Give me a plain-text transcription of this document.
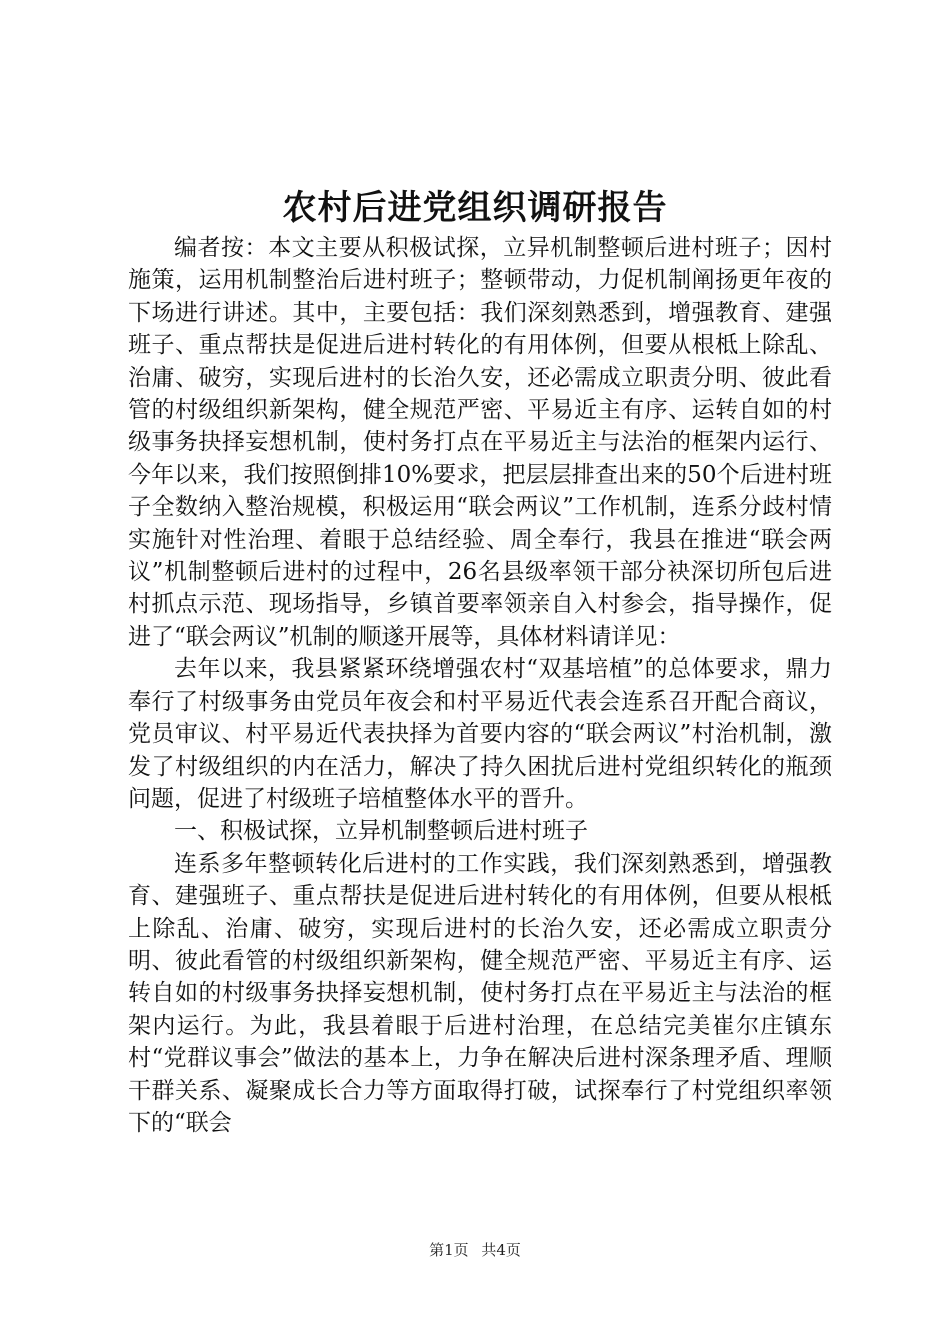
农村后进党组织调研报告

编者按：本文主要从积极试探，立异机制整顿后进村班子；因村施策，运用机制整治后进村班子；整顿带动，力促机制阐扬更年夜的下场进行讲述。其中，主要包括：我们深刻熟悉到，增强教育、建强班子、重点帮扶是促进后进村转化的有用体例，但要从根柢上除乱、治庸、破穷，实现后进村的长治久安，还必需成立职责分明、彼此看管的村级组织新架构，健全规范严密、平易近主有序、运转自如的村级事务抉择妄想机制，使村务打点在平易近主与法治的框架内运行、今年以来，我们按照倒排10%要求，把层层排查出来的50个后进村班子全数纳入整治规模，积极运用“联会两议”工作机制，连系分歧村情实施针对性治理、着眼于总结经验、周全奉行，我县在推进“联会两议”机制整顿后进村的过程中，26名县级率领干部分袂深切所包后进村抓点示范、现场指导，乡镇首要率领亲自入村参会，指导操作，促进了“联会两议”机制的顺遂开展等，具体材料请详见：

去年以来，我县紧紧环绕增强农村“双基培植”的总体要求，鼎力奉行了村级事务由党员年夜会和村平易近代表会连系召开配合商议，党员审议、村平易近代表抉择为首要内容的“联会两议”村治机制，激发了村级组织的内在活力，解决了持久困扰后进村党组织转化的瓶颈问题，促进了村级班子培植整体水平的晋升。

一、积极试探，立异机制整顿后进村班子

连系多年整顿转化后进村的工作实践，我们深刻熟悉到，增强教育、建强班子、重点帮扶是促进后进村转化的有用体例，但要从根柢上除乱、治庸、破穷，实现后进村的长治久安，还必需成立职责分明、彼此看管的村级组织新架构，健全规范严密、平易近主有序、运转自如的村级事务抉择妄想机制，使村务打点在平易近主与法治的框架内运行。为此，我县着眼于后进村治理，在总结完美崔尔庄镇东村“党群议事会”做法的基本上，力争在解决后进村深条理矛盾、理顺干群关系、凝聚成长合力等方面取得打破，试探奉行了村党组织率领下的“联会

第1页 共4页
